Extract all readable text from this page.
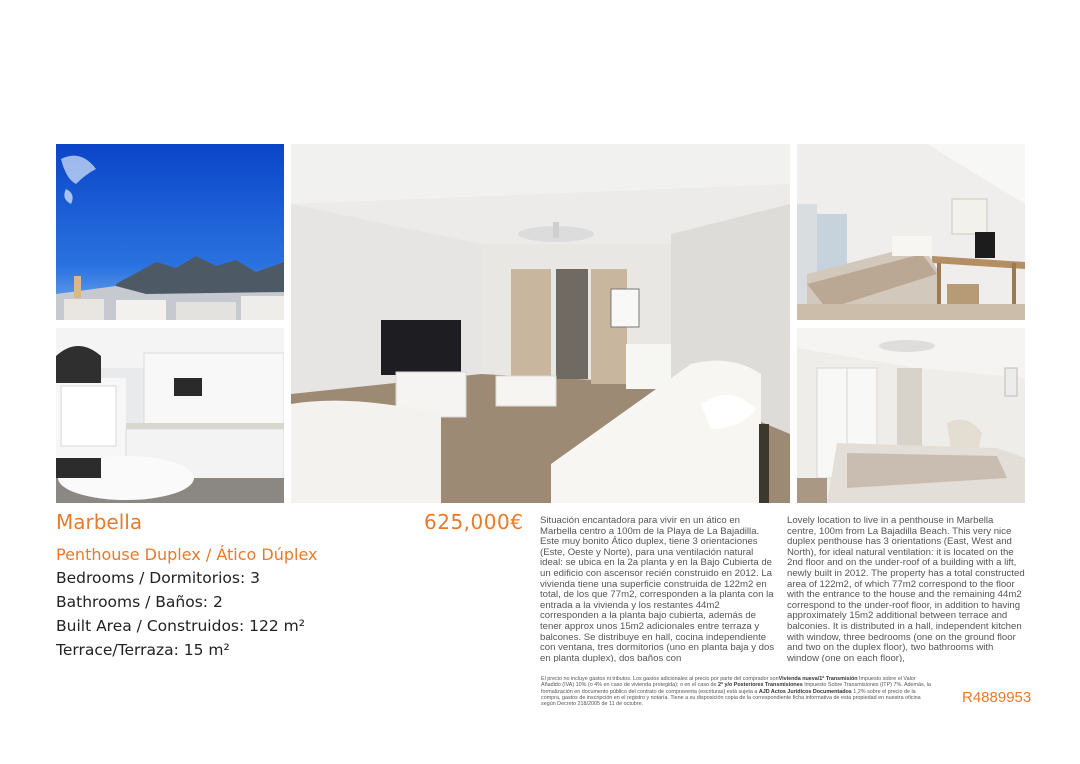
Marbella	625,000€
Penthouse Duplex / Ático Dúplex
Bedrooms / Dormitorios: 3
Bathrooms / Baños: 2
Built Area / Construidos: 122 m²
Terrace/Terraza: 15 m²
Situación encantadora para vivir en un ático en Marbella centro a 100m de la Playa de La Bajadilla. Este muy bonito Ático duplex, tiene 3 orientaciones (Este, Oeste y Norte), para una ventilación natural ideal: se ubica en la 2a planta y en la Bajo Cubierta de un edificio con ascensor recién construido en 2012. La vivienda tiene una superficie construida de 122m2 en total, de los que 77m2, corresponden a la planta con la entrada a la vivienda y los restantes 44m2 corresponden a la planta bajo cubierta, además de tener approx unos 15m2 adicionales entre terraza y balcones. Se distribuye en hall, cocina independiente con ventana, tres dormitorios (uno en planta baja y dos en planta duplex), dos baños con
Lovely location to live in a penthouse in Marbella centre, 100m from La Bajadilla Beach. This very nice duplex penthouse has 3 orientations (East, West and North), for ideal natural ventilation: it is located on the 2nd floor and on the under-roof of a building with a lift, newly built in 2012. The property has a total constructed area of 122m2, of which 77m2 correspond to the floor with the entrance to the house and the remaining 44m2 correspond to the under-roof floor, in addition to having approximately 15m2 additional between terrace and balconies. It is distributed in a hall, independent kitchen with window, three bedrooms (one on the ground floor and two on the duplex floor), two bathrooms with window (one on each floor),
El precio no incluye gastos ni tributos. Los gastos adicionales al precio por parte del comprador sonVivienda nueva/1ª Transmisión Impuesto sobre el Valor Añadido (IVA) 10% (o 4% en caso de vivienda protegida); o en el caso de 2ª y/o Posteriores Transmisiones Impuesto Sobre Transmisiones (ITP) 7%. Además, la formalización en documento público del contrato de compraventa (escrituras) está sujeta a AJD Actos Jurídicos Documentados 1,2% sobre el precio de la compra, gastos de inscripción en el registro y notaría. Tiene a su disposición copia de la correspondiente ficha informativa de esta propiedad en nuestra oficina según Decreto 218/2005 de 11 de octubre.	R4889953
